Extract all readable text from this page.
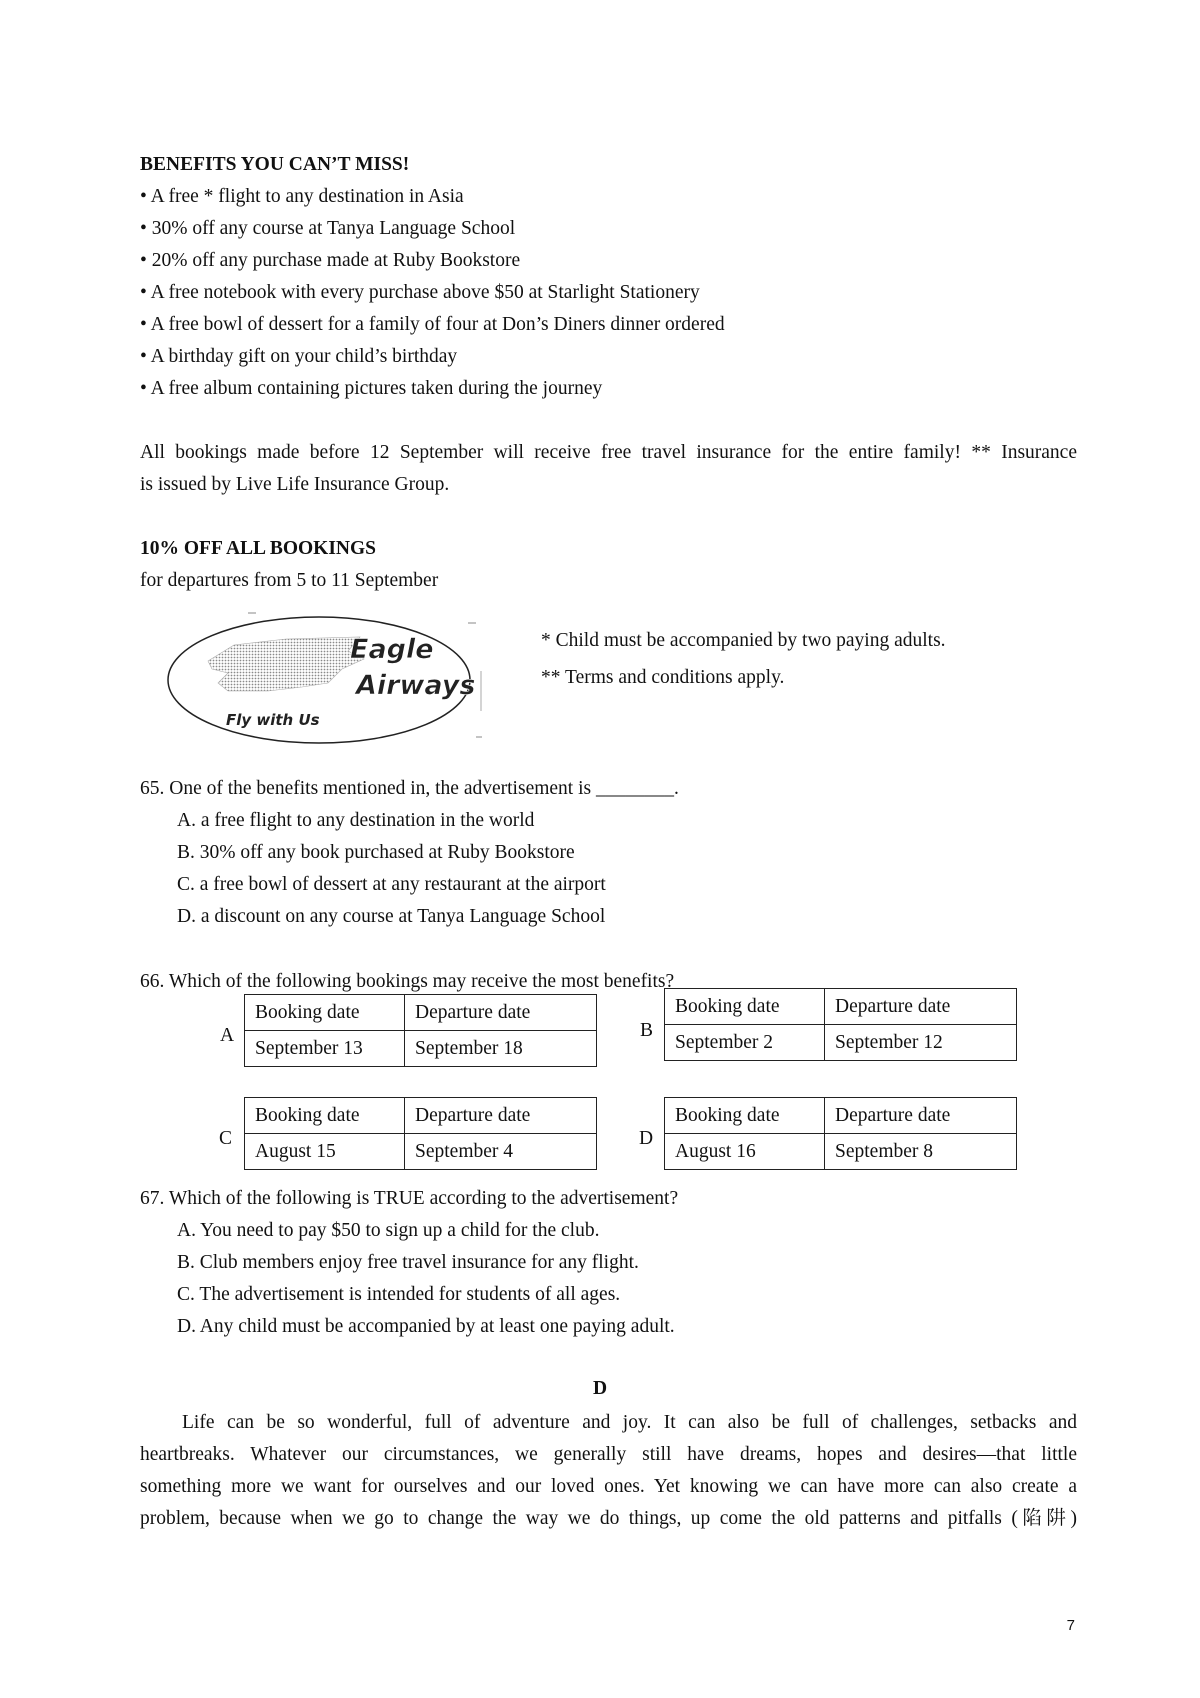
BENEFITS YOU CAN’T MISS!
• A free * flight to any destination in Asia
• 30% off any course at Tanya Language School
• 20% off any purchase made at Ruby Bookstore
• A free notebook with every purchase above $50 at Starlight Stationery
• A free bowl of dessert for a family of four at Don’s Diners dinner ordered
• A birthday gift on your child’s birthday
• A free album containing pictures taken during the journey
All bookings made before 12 September will receive free travel insurance for the entire family! ** Insurance
is issued by Live Life Insurance Group.
10% OFF ALL BOOKINGS
for departures from 5 to 11 September
Eagle
Airways
Fly with Us
* Child must be accompanied by two paying adults.
** Terms and conditions apply.
65. One of the benefits mentioned in, the advertisement is ________.
A. a free flight to any destination in the world
B. 30% off any book purchased at Ruby Bookstore
C. a free bowl of dessert at any restaurant at the airport
D. a discount on any course at Tanya Language School
66. Which of the following bookings may receive the most benefits?
A
Booking date	Departure date
September 13	September 18
B
Booking date	Departure date
September 2	September 12
C
Booking date	Departure date
August 15	September 4
D
Booking date	Departure date
August 16	September 8
67. Which of the following is TRUE according to the advertisement?
A. You need to pay $50 to sign up a child for the club.
B. Club members enjoy free travel insurance for any flight.
C. The advertisement is intended for students of all ages.
D. Any child must be accompanied by at least one paying adult.
D
Life can be so wonderful, full of adventure and joy. It can also be full of challenges, setbacks and
heartbreaks. Whatever our circumstances, we generally still have dreams, hopes and desires—that little
something more we want for ourselves and our loved ones. Yet knowing we can have more can also create a
problem, because when we go to change the way we do things, up come the old patterns and pitfalls (陷阱)
7
